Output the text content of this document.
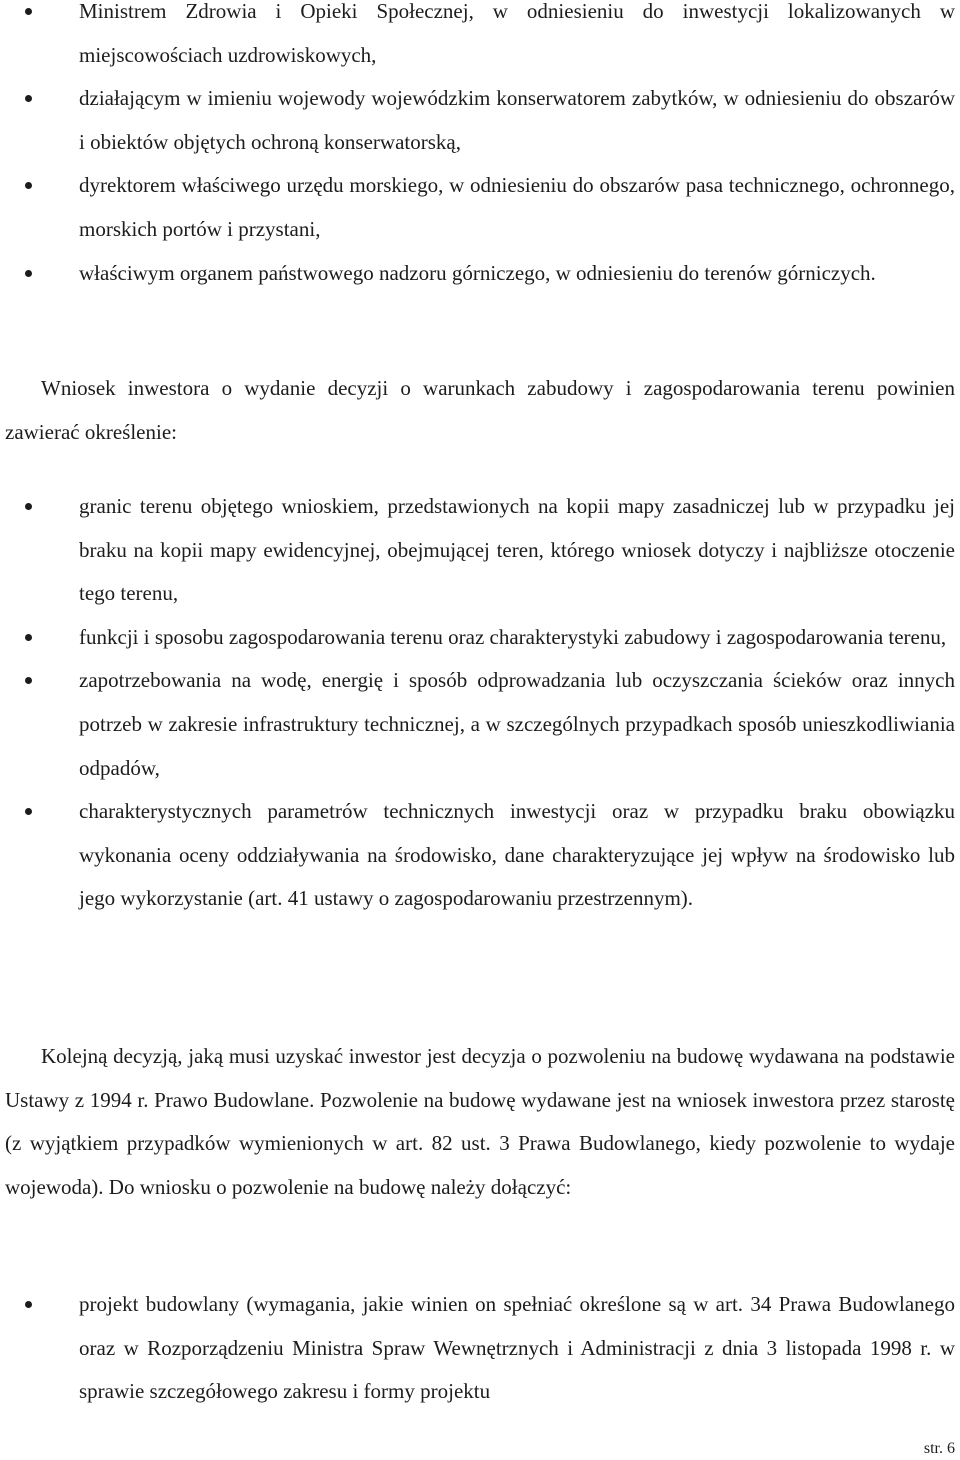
Ministrem Zdrowia i Opieki Społecznej, w odniesieniu do inwestycji lokalizowanych w miejscowościach uzdrowiskowych,
działającym w imieniu wojewody wojewódzkim konserwatorem zabytków, w odniesieniu do obszarów i obiektów objętych ochroną konserwatorską,
dyrektorem właściwego urzędu morskiego, w odniesieniu do obszarów pasa technicznego, ochronnego, morskich portów i przystani,
właściwym organem państwowego nadzoru górniczego, w odniesieniu do terenów górniczych.

Wniosek inwestora o wydanie decyzji o warunkach zabudowy i zagospodarowania terenu powinien zawierać określenie:

granic terenu objętego wnioskiem, przedstawionych na kopii mapy zasadniczej lub w przypadku jej braku na kopii mapy ewidencyjnej, obejmującej teren, którego wniosek dotyczy i najbliższe otoczenie tego terenu,
funkcji i sposobu zagospodarowania terenu oraz charakterystyki zabudowy i zagospodarowania terenu,
zapotrzebowania na wodę, energię i sposób odprowadzania lub oczyszczania ścieków oraz innych potrzeb w zakresie infrastruktury technicznej, a w szczególnych przypadkach sposób unieszkodliwiania odpadów,
charakterystycznych parametrów technicznych inwestycji oraz w przypadku braku obowiązku wykonania oceny oddziaływania na środowisko, dane charakteryzujące jej wpływ na środowisko lub jego wykorzystanie (art. 41 ustawy o zagospodarowaniu przestrzennym).

Kolejną decyzją, jaką musi uzyskać inwestor jest decyzja o pozwoleniu na budowę wydawana na podstawie Ustawy z 1994 r. Prawo Budowlane. Pozwolenie na budowę wydawane jest na wniosek inwestora przez starostę (z wyjątkiem przypadków wymienionych w art. 82 ust. 3 Prawa Budowlanego, kiedy pozwolenie to wydaje wojewoda). Do wniosku o pozwolenie na budowę należy dołączyć:

projekt budowlany (wymagania, jakie winien on spełniać określone są w art. 34 Prawa Budowlanego oraz w Rozporządzeniu Ministra Spraw Wewnętrznych i Administracji z dnia 3 listopada 1998 r. w sprawie szczegółowego zakresu i formy projektu
str. 6
